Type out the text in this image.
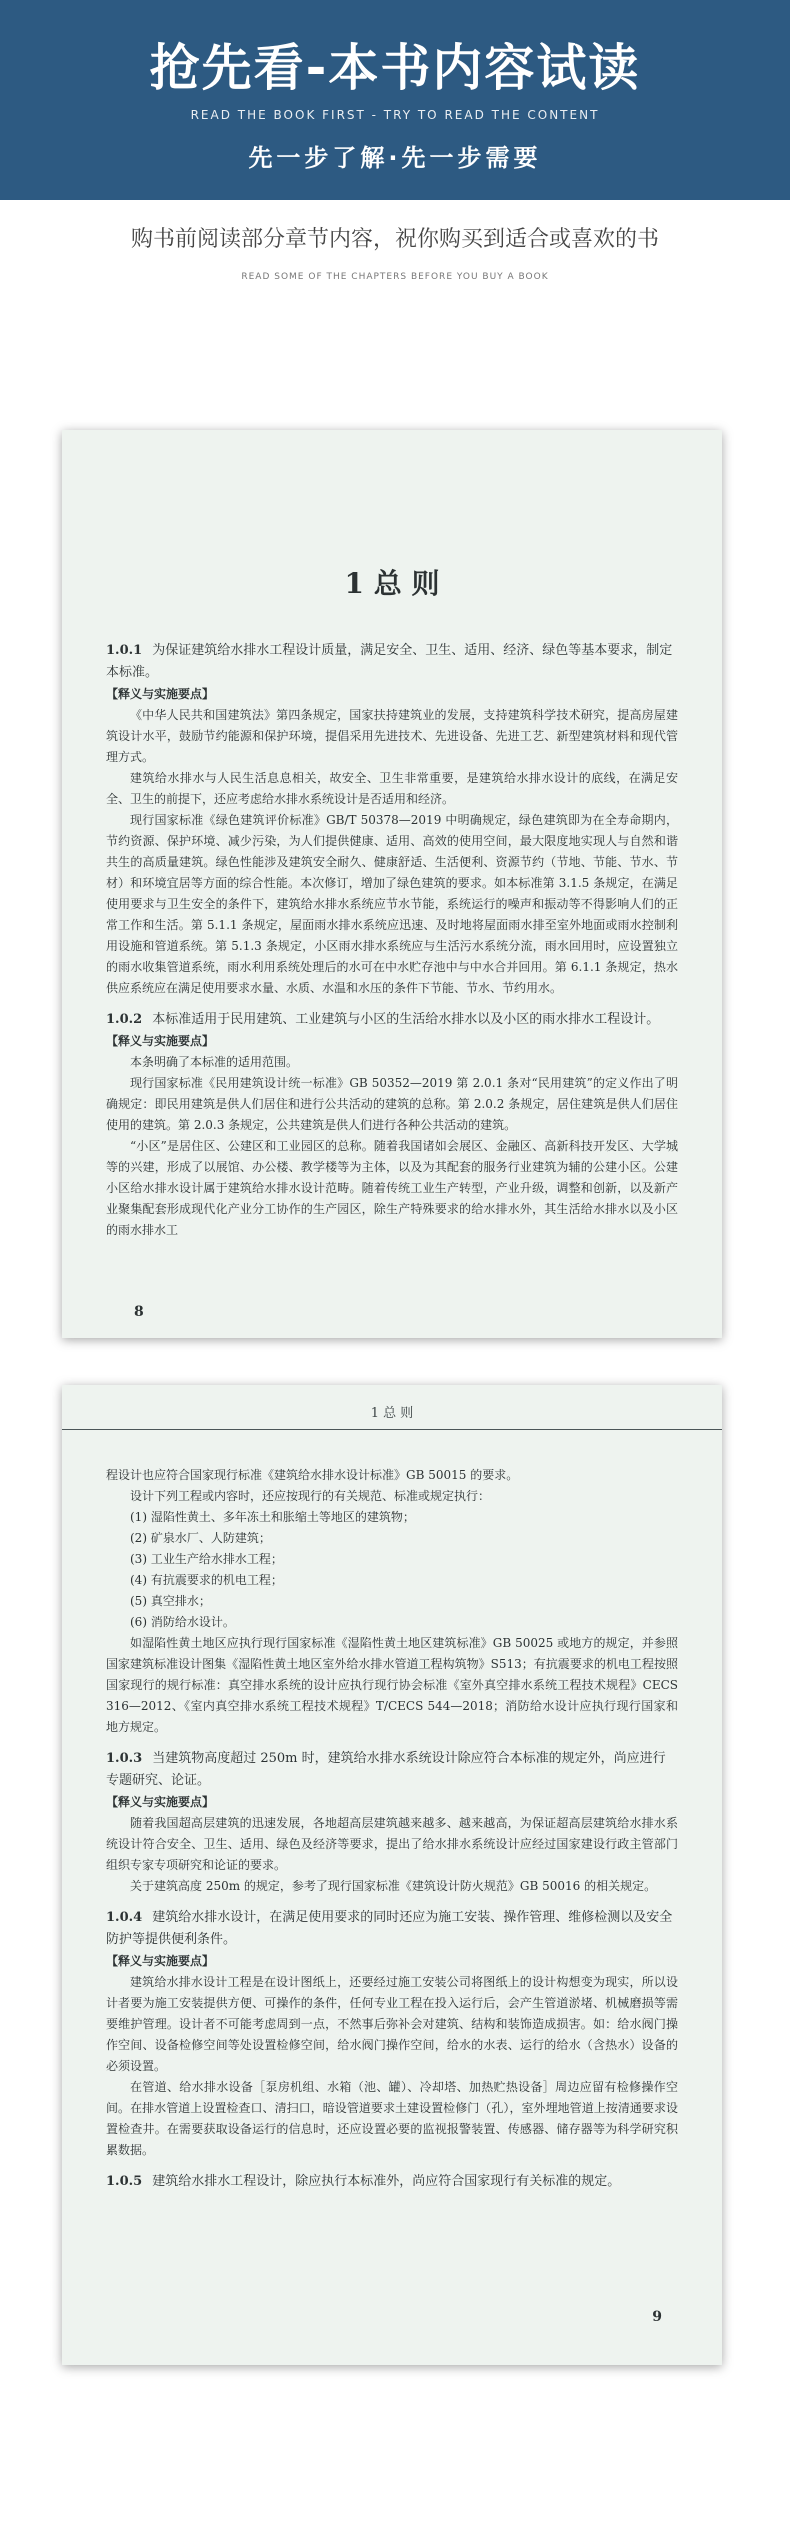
抢先看-本书内容试读
READ THE BOOK FIRST - TRY TO READ THE CONTENT
先一步了解·先一步需要
购书前阅读部分章节内容，祝你购买到适合或喜欢的书
READ SOME OF THE CHAPTERS BEFORE YOU BUY A BOOK
1 总 则
1.0.1 为保证建筑给水排水工程设计质量，满足安全、卫生、适用、经济、绿色等基本要求，制定本标准。
【释义与实施要点】
《中华人民共和国建筑法》第四条规定，国家扶持建筑业的发展，支持建筑科学技术研究，提高房屋建筑设计水平，鼓励节约能源和保护环境，提倡采用先进技术、先进设备、先进工艺、新型建筑材料和现代管理方式。
建筑给水排水与人民生活息息相关，故安全、卫生非常重要，是建筑给水排水设计的底线，在满足安全、卫生的前提下，还应考虑给水排水系统设计是否适用和经济。
现行国家标准《绿色建筑评价标准》GB/T 50378—2019 中明确规定，绿色建筑即为在全寿命期内，节约资源、保护环境、减少污染，为人们提供健康、适用、高效的使用空间，最大限度地实现人与自然和谐共生的高质量建筑。绿色性能涉及建筑安全耐久、健康舒适、生活便利、资源节约（节地、节能、节水、节材）和环境宜居等方面的综合性能。本次修订，增加了绿色建筑的要求。如本标准第 3.1.5 条规定，在满足使用要求与卫生安全的条件下，建筑给水排水系统应节水节能，系统运行的噪声和振动等不得影响人们的正常工作和生活。第 5.1.1 条规定，屋面雨水排水系统应迅速、及时地将屋面雨水排至室外地面或雨水控制利用设施和管道系统。第 5.1.3 条规定，小区雨水排水系统应与生活污水系统分流，雨水回用时，应设置独立的雨水收集管道系统，雨水利用系统处理后的水可在中水贮存池中与中水合并回用。第 6.1.1 条规定，热水供应系统应在满足使用要求水量、水质、水温和水压的条件下节能、节水、节约用水。
1.0.2 本标准适用于民用建筑、工业建筑与小区的生活给水排水以及小区的雨水排水工程设计。
【释义与实施要点】
本条明确了本标准的适用范围。
现行国家标准《民用建筑设计统一标准》GB 50352—2019 第 2.0.1 条对“民用建筑”的定义作出了明确规定：即民用建筑是供人们居住和进行公共活动的建筑的总称。第 2.0.2 条规定，居住建筑是供人们居住使用的建筑。第 2.0.3 条规定，公共建筑是供人们进行各种公共活动的建筑。
“小区”是居住区、公建区和工业园区的总称。随着我国诸如会展区、金融区、高新科技开发区、大学城等的兴建，形成了以展馆、办公楼、教学楼等为主体，以及为其配套的服务行业建筑为辅的公建小区。公建小区给水排水设计属于建筑给水排水设计范畴。随着传统工业生产转型，产业升级，调整和创新，以及新产业聚集配套形成现代化产业分工协作的生产园区，除生产特殊要求的给水排水外，其生活给水排水以及小区的雨水排水工
8
1 总 则
程设计也应符合国家现行标准《建筑给水排水设计标准》GB 50015 的要求。
设计下列工程或内容时，还应按现行的有关规范、标准或规定执行：
(1) 湿陷性黄土、多年冻土和胀缩土等地区的建筑物；
(2) 矿泉水厂、人防建筑；
(3) 工业生产给水排水工程；
(4) 有抗震要求的机电工程；
(5) 真空排水；
(6) 消防给水设计。
如湿陷性黄土地区应执行现行国家标准《湿陷性黄土地区建筑标准》GB 50025 或地方的规定，并参照国家建筑标准设计图集《湿陷性黄土地区室外给水排水管道工程构筑物》S513；有抗震要求的机电工程按照国家现行的规行标准：真空排水系统的设计应执行现行协会标准《室外真空排水系统工程技术规程》CECS 316—2012、《室内真空排水系统工程技术规程》T/CECS 544—2018；消防给水设计应执行现行国家和地方规定。
1.0.3 当建筑物高度超过 250m 时，建筑给水排水系统设计除应符合本标准的规定外，尚应进行专题研究、论证。
【释义与实施要点】
随着我国超高层建筑的迅速发展，各地超高层建筑越来越多、越来越高，为保证超高层建筑给水排水系统设计符合安全、卫生、适用、绿色及经济等要求，提出了给水排水系统设计应经过国家建设行政主管部门组织专家专项研究和论证的要求。
关于建筑高度 250m 的规定，参考了现行国家标准《建筑设计防火规范》GB 50016 的相关规定。
1.0.4 建筑给水排水设计，在满足使用要求的同时还应为施工安装、操作管理、维修检测以及安全防护等提供便利条件。
【释义与实施要点】
建筑给水排水设计工程是在设计图纸上，还要经过施工安装公司将图纸上的设计构想变为现实，所以设计者要为施工安装提供方便、可操作的条件，任何专业工程在投入运行后，会产生管道淤堵、机械磨损等需要维护管理。设计者不可能考虑周到一点，不然事后弥补会对建筑、结构和装饰造成损害。如：给水阀门操作空间、设备检修空间等处设置检修空间，给水阀门操作空间，给水的水表、运行的给水（含热水）设备的必须设置。
在管道、给水排水设备［泵房机组、水箱（池、罐）、冷却塔、加热贮热设备］周边应留有检修操作空间。在排水管道上设置检查口、清扫口，暗设管道要求土建设置检修门（孔），室外埋地管道上按清通要求设置检查井。在需要获取设备运行的信息时，还应设置必要的监视报警装置、传感器、储存器等为科学研究积累数据。
1.0.5 建筑给水排水工程设计，除应执行本标准外，尚应符合国家现行有关标准的规定。
9
